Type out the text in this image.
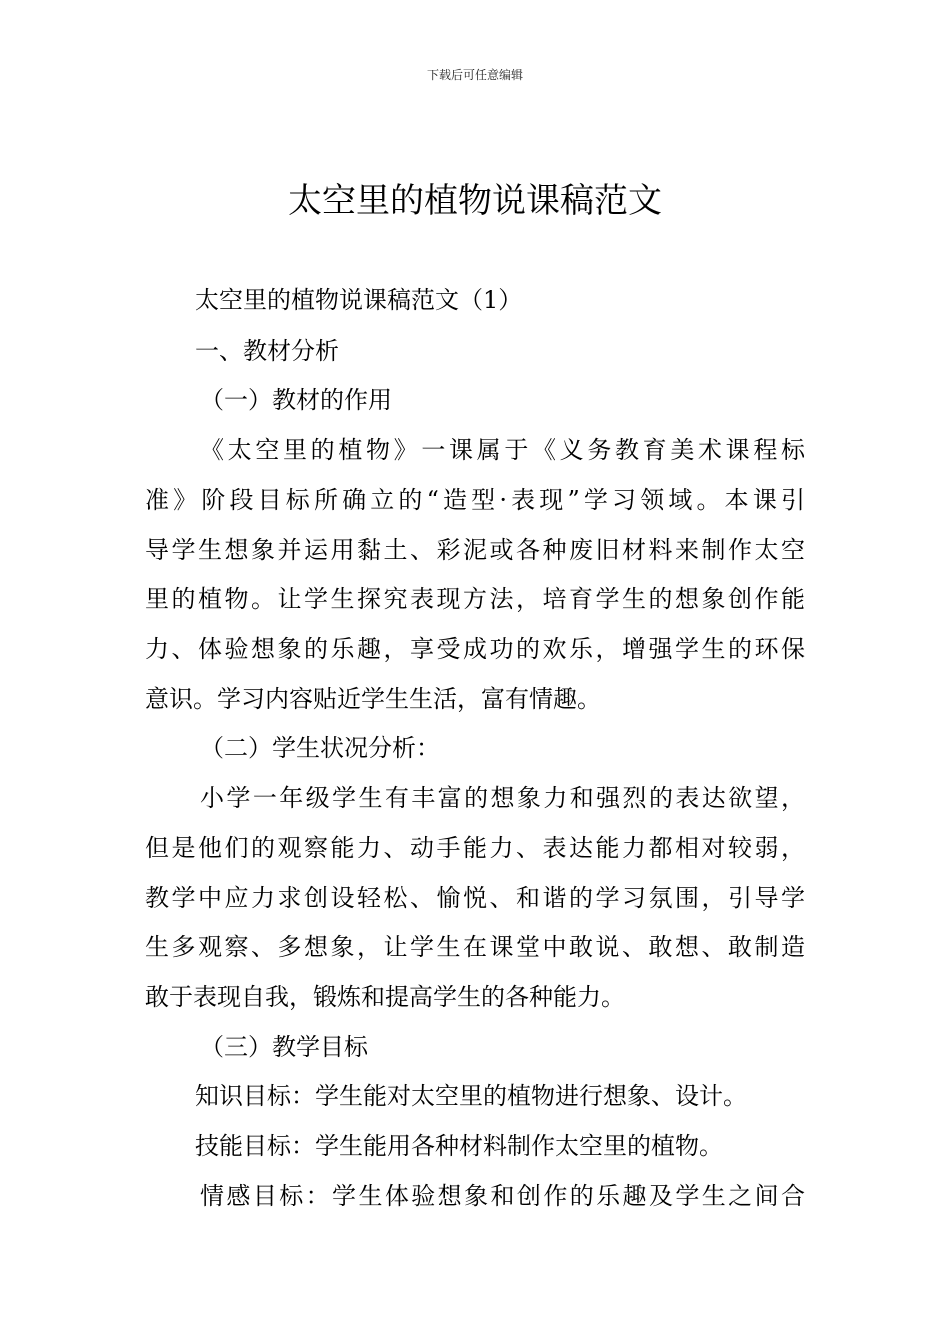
下载后可任意编辑
太空里的植物说课稿范文
太空里的植物说课稿范文（1）
一、教材分析
（一）教材的作用
《太空里的植物》一课属于《义务教育美术课程标
准》阶段目标所确立的“造型·表现”学习领域。本课引
导学生想象并运用黏土、彩泥或各种废旧材料来制作太空
里的植物。让学生探究表现方法，培育学生的想象创作能
力、体验想象的乐趣，享受成功的欢乐，增强学生的环保
意识。学习内容贴近学生生活，富有情趣。
（二）学生状况分析：
小学一年级学生有丰富的想象力和强烈的表达欲望，
但是他们的观察能力、动手能力、表达能力都相对较弱，
教学中应力求创设轻松、愉悦、和谐的学习氛围，引导学
生多观察、多想象，让学生在课堂中敢说、敢想、敢制造
敢于表现自我，锻炼和提高学生的各种能力。
（三）教学目标
知识目标：学生能对太空里的植物进行想象、设计。
技能目标：学生能用各种材料制作太空里的植物。
情感目标：学生体验想象和创作的乐趣及学生之间合
